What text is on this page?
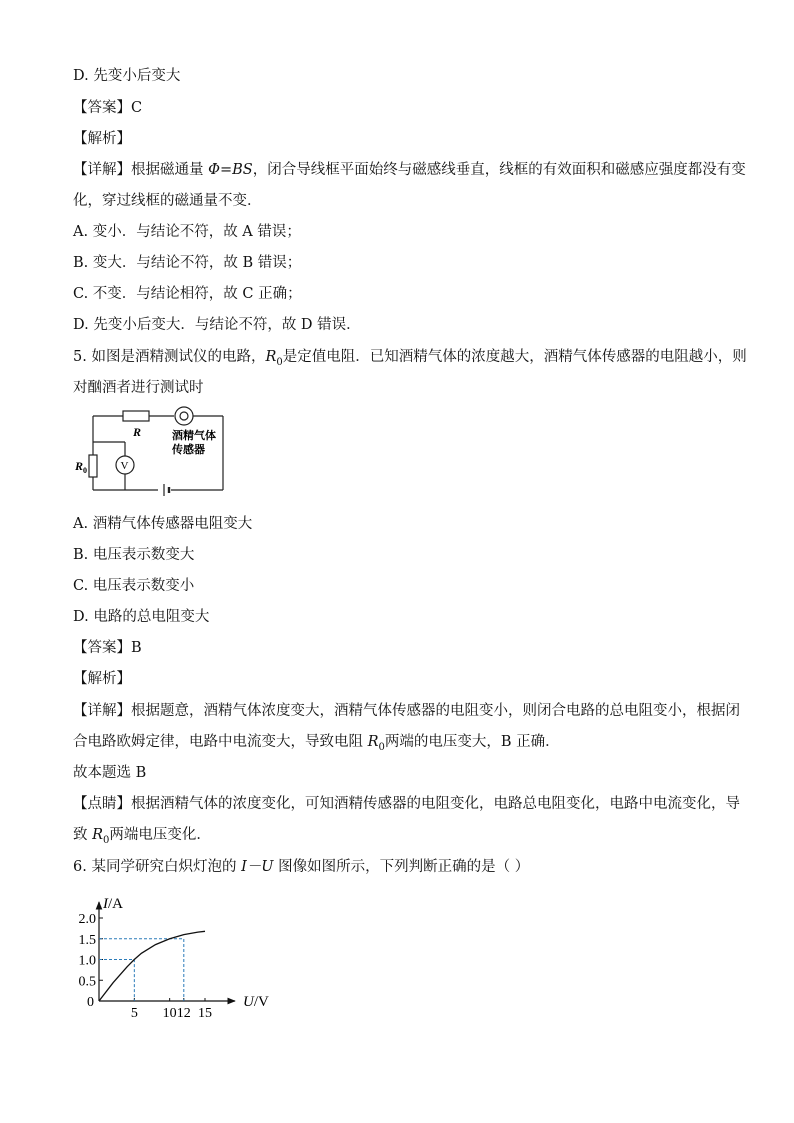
D. 先变小后变大
【答案】C
【解析】
【详解】根据磁通量 Φ=BS，闭合导线框平面始终与磁感线垂直，线框的有效面积和磁感应强度都没有变
化，穿过线框的磁通量不变．
A. 变小．与结论不符，故 A 错误；
B. 变大．与结论不符，故 B 错误；
C. 不变．与结论相符，故 C 正确；
D. 先变小后变大．与结论不符，故 D 错误．
5. 如图是酒精测试仪的电路，$R_0$是定值电阻．已知酒精气体的浓度越大，酒精气体传感器的电阻越小，则
对酗酒者进行测试时
R
$R_0$	V
酒精气体
传感器
A. 酒精气体传感器电阻变大
B. 电压表示数变大
C. 电压表示数变小
D. 电路的总电阻变大
【答案】B
【解析】
【详解】根据题意，酒精气体浓度变大，酒精气体传感器的电阻变小，则闭合电路的总电阻变小，根据闭
合电路欧姆定律，电路中电流变大，导致电阻 $R_0$两端的电压变大，B 正确．
故本题选 B
【点睛】根据酒精气体的浓度变化，可知酒精传感器的电阻变化，电路总电阻变化，电路中电流变化，导
致 $R_0$两端电压变化．
6. 某同学研究白炽灯泡的 I－U 图像如图所示，下列判断正确的是（ ）
I/A
U/V
0
0.5
1.0
1.5
2.0
5 10 12 15
